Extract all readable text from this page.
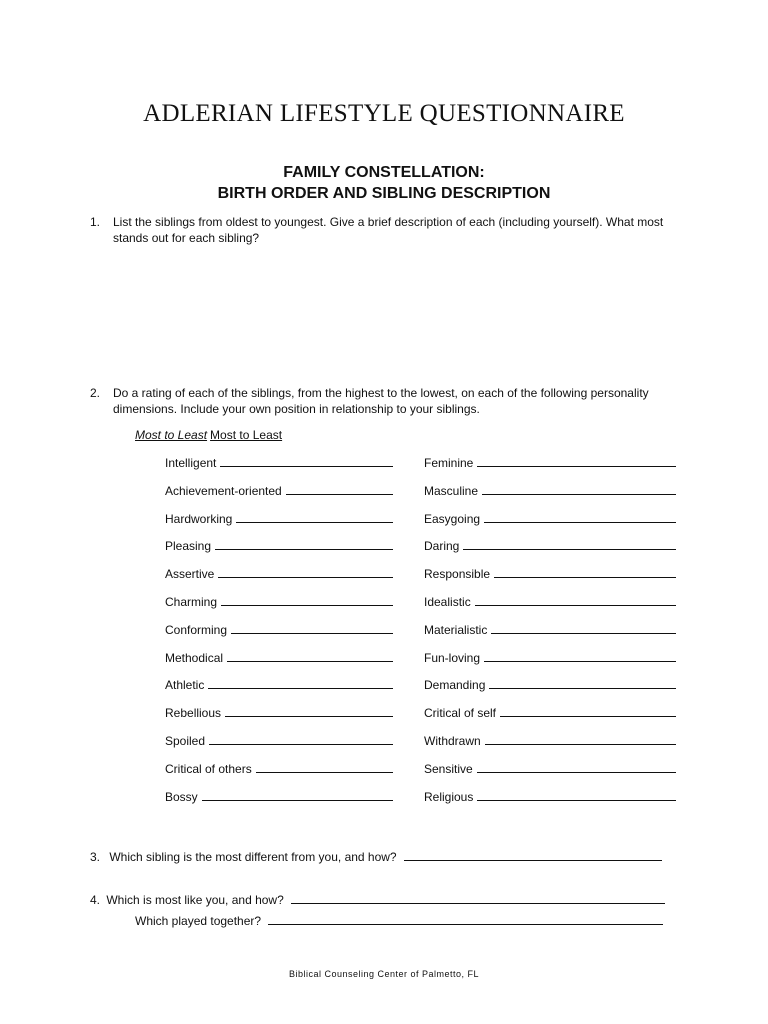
ADLERIAN LIFESTYLE QUESTIONNAIRE
FAMILY CONSTELLATION:
BIRTH ORDER AND SIBLING DESCRIPTION
1. List the siblings from oldest to youngest. Give a brief description of each (including yourself). What most stands out for each sibling?
2. Do a rating of each of the siblings, from the highest to the lowest, on each of the following personality dimensions. Include your own position in relationship to your siblings.
Most to Least Most to Least
Intelligent	Feminine
Achievement-oriented	Masculine
Hardworking	Easygoing
Pleasing	Daring
Assertive	Responsible
Charming	Idealistic
Conforming	Materialistic
Methodical	Fun-loving
Athletic	Demanding
Rebellious	Critical of self
Spoiled	Withdrawn
Critical of others	Sensitive
Bossy	Religious
3. Which sibling is the most different from you, and how?
4. Which is most like you, and how?
Which played together?
Biblical Counseling Center of Palmetto, FL
